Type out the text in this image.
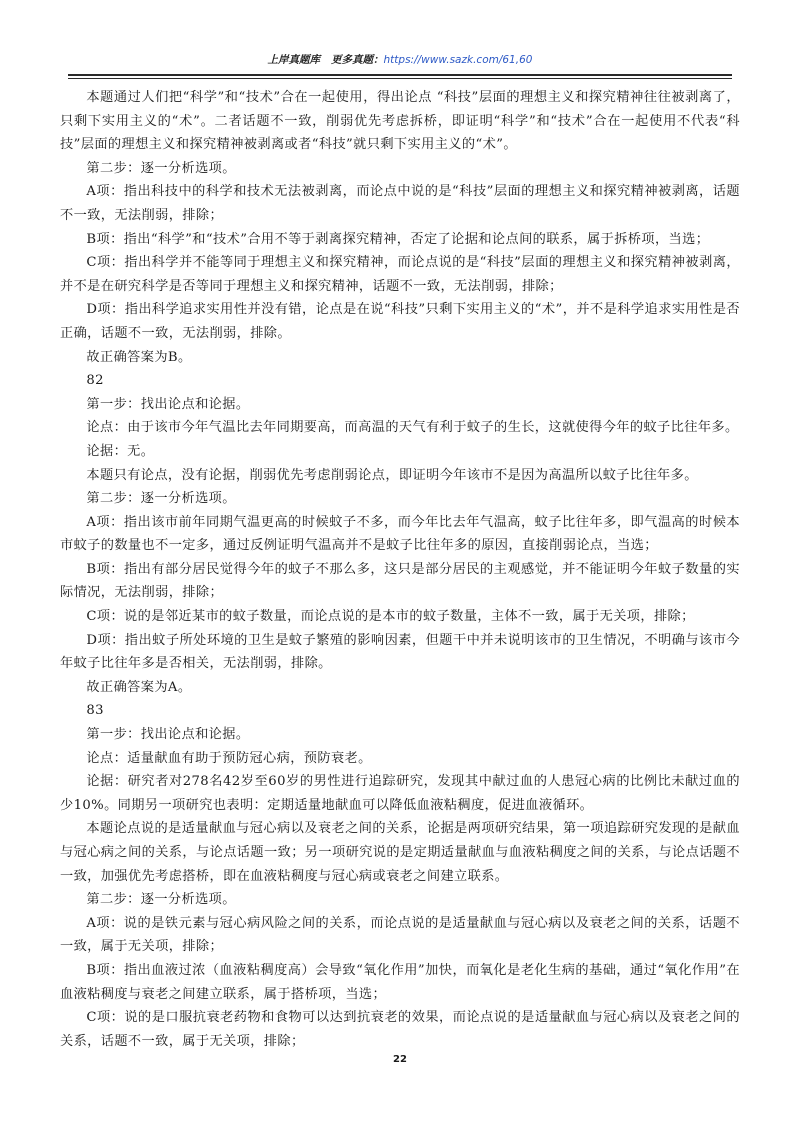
上岸真题库 更多真题：https://www.sazk.com/61,60

本题通过人们把“科学”和“技术”合在一起使用，得出论点 “科技”层面的理想主义和探究精神往往被剥离了，只剩下实用主义的“术”。二者话题不一致，削弱优先考虑拆桥，即证明“科学”和“技术”合在一起使用不代表“科技”层面的理想主义和探究精神被剥离或者“科技”就只剩下实用主义的“术”。

第二步：逐一分析选项。

A项：指出科技中的科学和技术无法被剥离，而论点中说的是“科技”层面的理想主义和探究精神被剥离，话题不一致，无法削弱，排除；

B项：指出“科学”和“技术”合用不等于剥离探究精神，否定了论据和论点间的联系，属于拆桥项，当选；

C项：指出科学并不能等同于理想主义和探究精神，而论点说的是“科技”层面的理想主义和探究精神被剥离，并不是在研究科学是否等同于理想主义和探究精神，话题不一致，无法削弱，排除；

D项：指出科学追求实用性并没有错，论点是在说“科技”只剩下实用主义的“术”，并不是科学追求实用性是否正确，话题不一致，无法削弱，排除。

故正确答案为B。

82

第一步：找出论点和论据。

论点：由于该市今年气温比去年同期要高，而高温的天气有利于蚊子的生长，这就使得今年的蚊子比往年多。

论据：无。

本题只有论点，没有论据，削弱优先考虑削弱论点，即证明今年该市不是因为高温所以蚊子比往年多。

第二步：逐一分析选项。

A项：指出该市前年同期气温更高的时候蚊子不多，而今年比去年气温高，蚊子比往年多，即气温高的时候本市蚊子的数量也不一定多，通过反例证明气温高并不是蚊子比往年多的原因，直接削弱论点，当选；

B项：指出有部分居民觉得今年的蚊子不那么多，这只是部分居民的主观感觉，并不能证明今年蚊子数量的实际情况，无法削弱，排除；

C项：说的是邻近某市的蚊子数量，而论点说的是本市的蚊子数量，主体不一致，属于无关项，排除；

D项：指出蚊子所处环境的卫生是蚊子繁殖的影响因素，但题干中并未说明该市的卫生情况，不明确与该市今年蚊子比往年多是否相关，无法削弱，排除。

故正确答案为A。

83

第一步：找出论点和论据。

论点：适量献血有助于预防冠心病，预防衰老。

论据：研究者对278名42岁至60岁的男性进行追踪研究，发现其中献过血的人患冠心病的比例比未献过血的少10%。同期另一项研究也表明：定期适量地献血可以降低血液粘稠度，促进血液循环。

本题论点说的是适量献血与冠心病以及衰老之间的关系，论据是两项研究结果，第一项追踪研究发现的是献血与冠心病之间的关系，与论点话题一致；另一项研究说的是定期适量献血与血液粘稠度之间的关系，与论点话题不一致，加强优先考虑搭桥，即在血液粘稠度与冠心病或衰老之间建立联系。

第二步：逐一分析选项。

A项：说的是铁元素与冠心病风险之间的关系，而论点说的是适量献血与冠心病以及衰老之间的关系，话题不一致，属于无关项，排除；

B项：指出血液过浓（血液粘稠度高）会导致“氧化作用”加快，而氧化是老化生病的基础，通过“氧化作用”在血液粘稠度与衰老之间建立联系，属于搭桥项，当选；

C项：说的是口服抗衰老药物和食物可以达到抗衰老的效果，而论点说的是适量献血与冠心病以及衰老之间的关系，话题不一致，属于无关项，排除；

22
